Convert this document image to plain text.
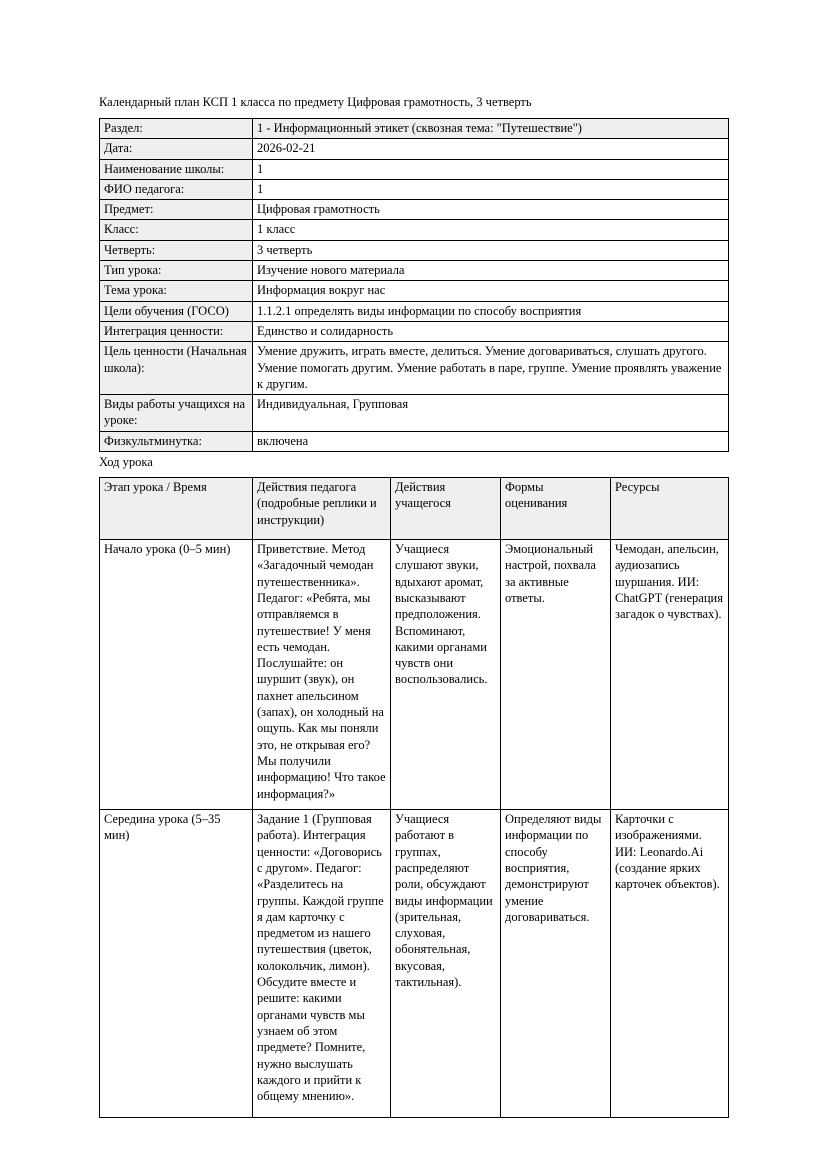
Календарный план КСП 1 класса по предмету Цифровая грамотность, 3 четверть

Раздел:	1 - Информационный этикет (сквозная тема: "Путешествие")
Дата:	2026-02-21
Наименование школы:	1
ФИО педагога:	1
Предмет:	Цифровая грамотность
Класс:	1 класс
Четверть:	3 четверть
Тип урока:	Изучение нового материала
Тема урока:	Информация вокруг нас
Цели обучения (ГОСО)	1.1.2.1 определять виды информации по способу восприятия
Интеграция ценности:	Единство и солидарность
Цель ценности (Начальная школа):	Умение дружить, играть вместе, делиться. Умение договариваться, слушать другого. Умение помогать другим. Умение работать в паре, группе. Умение проявлять уважение к другим.
Виды работы учащихся на уроке:	Индивидуальная, Групповая
Физкультминутка:	включена

Ход урока

Этап урока / Время	Действия педагога (подробные реплики и инструкции)	Действия учащегося	Формы оценивания	Ресурсы
Начало урока (0–5 мин)	Приветствие. Метод «Загадочный чемодан путешественника». Педагог: «Ребята, мы отправляемся в путешествие! У меня есть чемодан. Послушайте: он шуршит (звук), он пахнет апельсином (запах), он холодный на ощупь. Как мы поняли это, не открывая его? Мы получили информацию! Что такое информация?»	Учащиеся слушают звуки, вдыхают аромат, высказывают предположения. Вспоминают, какими органами чувств они воспользовались.	Эмоциональный настрой, похвала за активные ответы.	Чемодан, апельсин, аудиозапись шуршания. ИИ: ChatGPT (генерация загадок о чувствах).
Середина урока (5–35 мин)	Задание 1 (Групповая работа). Интеграция ценности: «Договорись с другом». Педагог: «Разделитесь на группы. Каждой группе я дам карточку с предметом из нашего путешествия (цветок, колокольчик, лимон). Обсудите вместе и решите: какими органами чувств мы узнаем об этом предмете? Помните, нужно выслушать каждого и прийти к общему мнению».	Учащиеся работают в группах, распределяют роли, обсуждают виды информации (зрительная, слуховая, обонятельная, вкусовая, тактильная).	Определяют виды информации по способу восприятия, демонстрируют умение договариваться.	Карточки с изображениями. ИИ: Leonardo.Ai (создание ярких карточек объектов).
